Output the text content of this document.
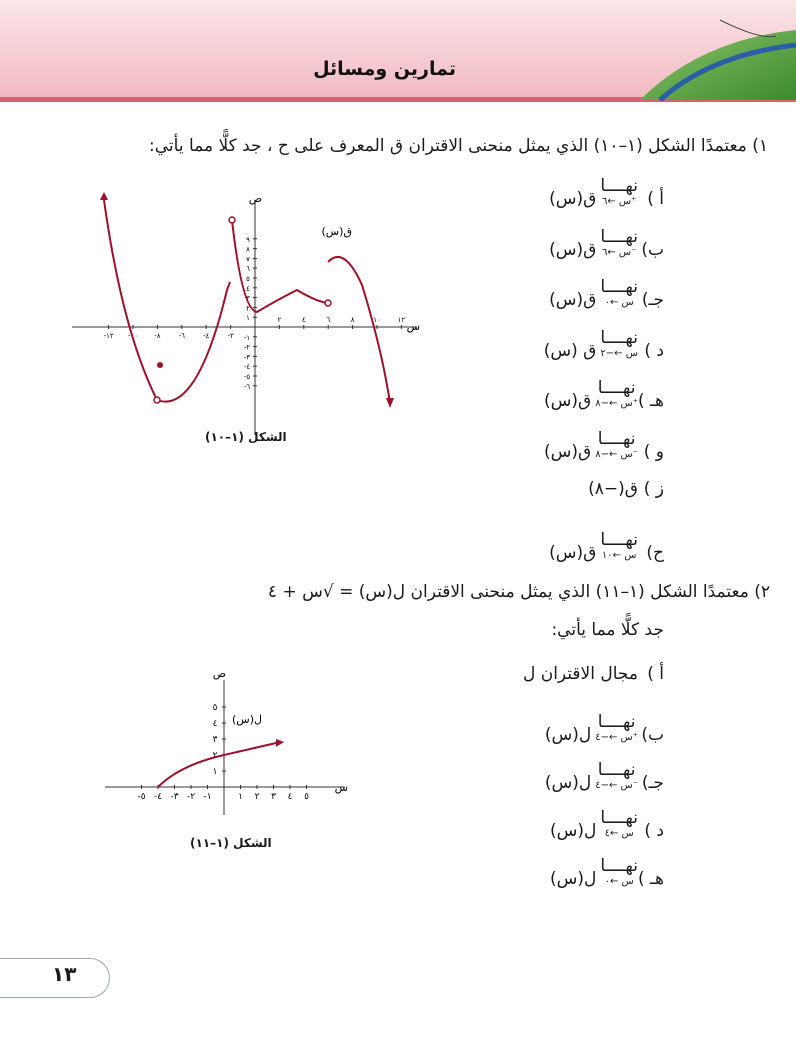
تمارين ومسائل
١) معتمدًا الشكل (١–١٠) الذي يمثل منحنى الاقتران ق المعرف على ح ، جد كلًّا مما يأتي:
١٢- ١٠- ٨-	٦-	٤-	٢-
٢	٤	٦	٨	١٠ ١٢
١
٢
٣
٤
٥
٦
٧
٨
٩
١-
٢-
٣-
٤-
٥-
٦-
ص
س
ق(س)
الشكل (١–١٠)
أ )
نهــــا
س ←٦⁺
ق(س)
ب)
نهــــا
س ←٦⁻
ق(س)
جـ)
نهــــا
س ←٠
ق(س)
د )
نهــــا
س ←−٢
ق (س)
هـ )
نهــــا
س ←−٨⁺
ق(س)
و )
نهــــا
س ←−٨⁻
ق(س)
ز )ق(−٨)
ح)
نهــــا
س ←١٠
ق(س)
٢) معتمدًا الشكل (١–١١) الذي يمثل منحنى الاقتران ل(س) = √س + ٤
جد كلًّا مما يأتي:
١ ٢ ٣ ٤ ٥
١-
٢-
٣-
٤-
٥-
١
٢
٣
٤
٥
ص
س
ل(س)
الشكل (١–١١)
أ )مجال الاقتران ل
ب)
نهــــا
س ←−٤⁺
ل(س)
جـ)
نهــــا
س ←−٤⁻
ل(س)
د )
نهــــا
س ←٤
ل(س)
هـ )
نهــــا
س ←٠
ل(س)
١٣
